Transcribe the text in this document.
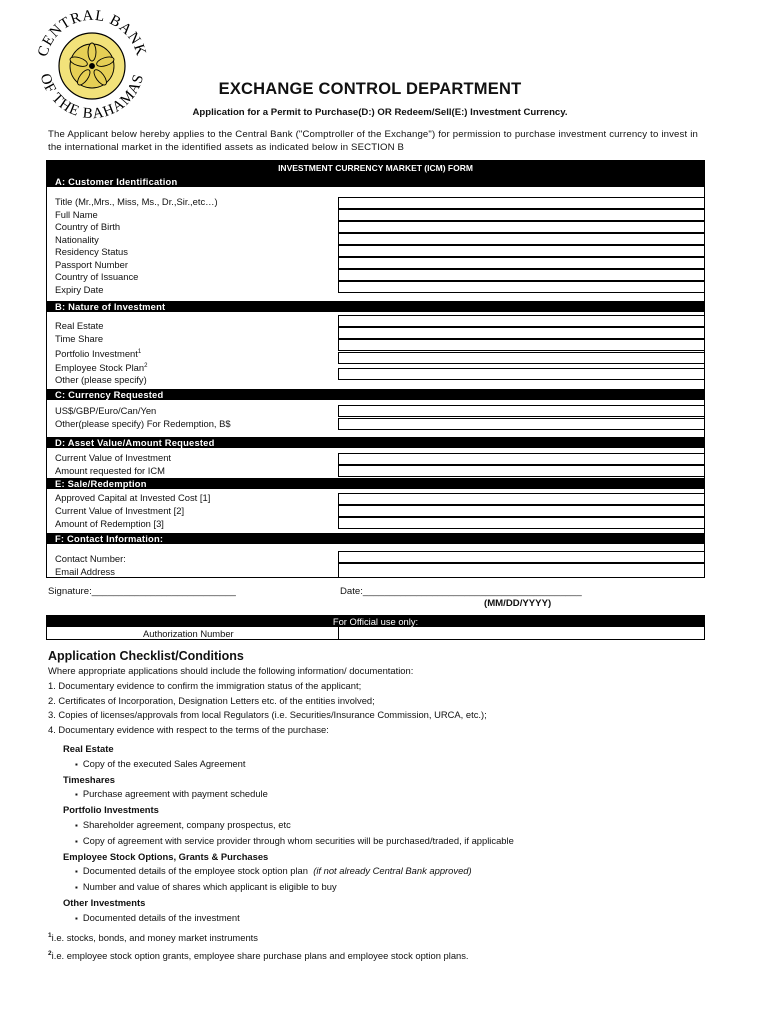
CENTRAL BANK
OF THE BAHAMAS
EXCHANGE CONTROL DEPARTMENT
Application for a Permit to Purchase(D:) OR Redeem/Sell(E:) Investment Currency.
The Applicant below hereby applies to the Central Bank ("Comptroller of the Exchange") for permission to purchase investment currency to invest in the international market in the identified assets as indicated below in SECTION B
INVESTMENT CURRENCY MARKET (ICM) FORM
A: Customer Identification
Title (Mr.,Mrs., Miss, Ms., Dr.,Sir.,etc…)
Full Name
Country of Birth
Nationality
Residency Status
Passport Number
Country of Issuance
Expiry Date
B: Nature of Investment
Real Estate
Time Share
Portfolio Investment$^1$
Employee Stock Plan$^2$
Other (please specify)
C: Currency Requested
US$/GBP/Euro/Can/Yen
Other(please specify) For Redemption, B$
D: Asset Value/Amount Requested
Current Value of Investment
Amount requested for ICM
E: Sale/Redemption
Approved Capital at Invested Cost [1]
Current Value of Investment [2]
Amount of Redemption [3]
F: Contact Information:
Contact Number:
Email Address
Signature:___________________________	Date:_________________________________________
(MM/DD/YYYY)
For Official use only:
Authorization Number
Application Checklist/Conditions
Where appropriate applications should include the following information/ documentation:
1. Documentary evidence to confirm the immigration status of the applicant;
2. Certificates of Incorporation, Designation Letters etc. of the entities involved;
3. Copies of licenses/approvals from local Regulators (i.e. Securities/Insurance Commission, URCA, etc.);
4. Documentary evidence with respect to the terms of the purchase:
Real Estate
▪ Copy of the executed Sales Agreement
Timeshares
▪ Purchase agreement with payment schedule
Portfolio Investments
▪ Shareholder agreement, company prospectus, etc
▪ Copy of agreement with service provider through whom securities will be purchased/traded, if applicable
Employee Stock Options, Grants & Purchases
▪ Documented details of the employee stock option plan (if not already Central Bank approved)
▪ Number and value of shares which applicant is eligible to buy
Other Investments
▪ Documented details of the investment
$^1$i.e. stocks, bonds, and money market instruments
$^2$i.e. employee stock option grants, employee share purchase plans and employee stock option plans.
